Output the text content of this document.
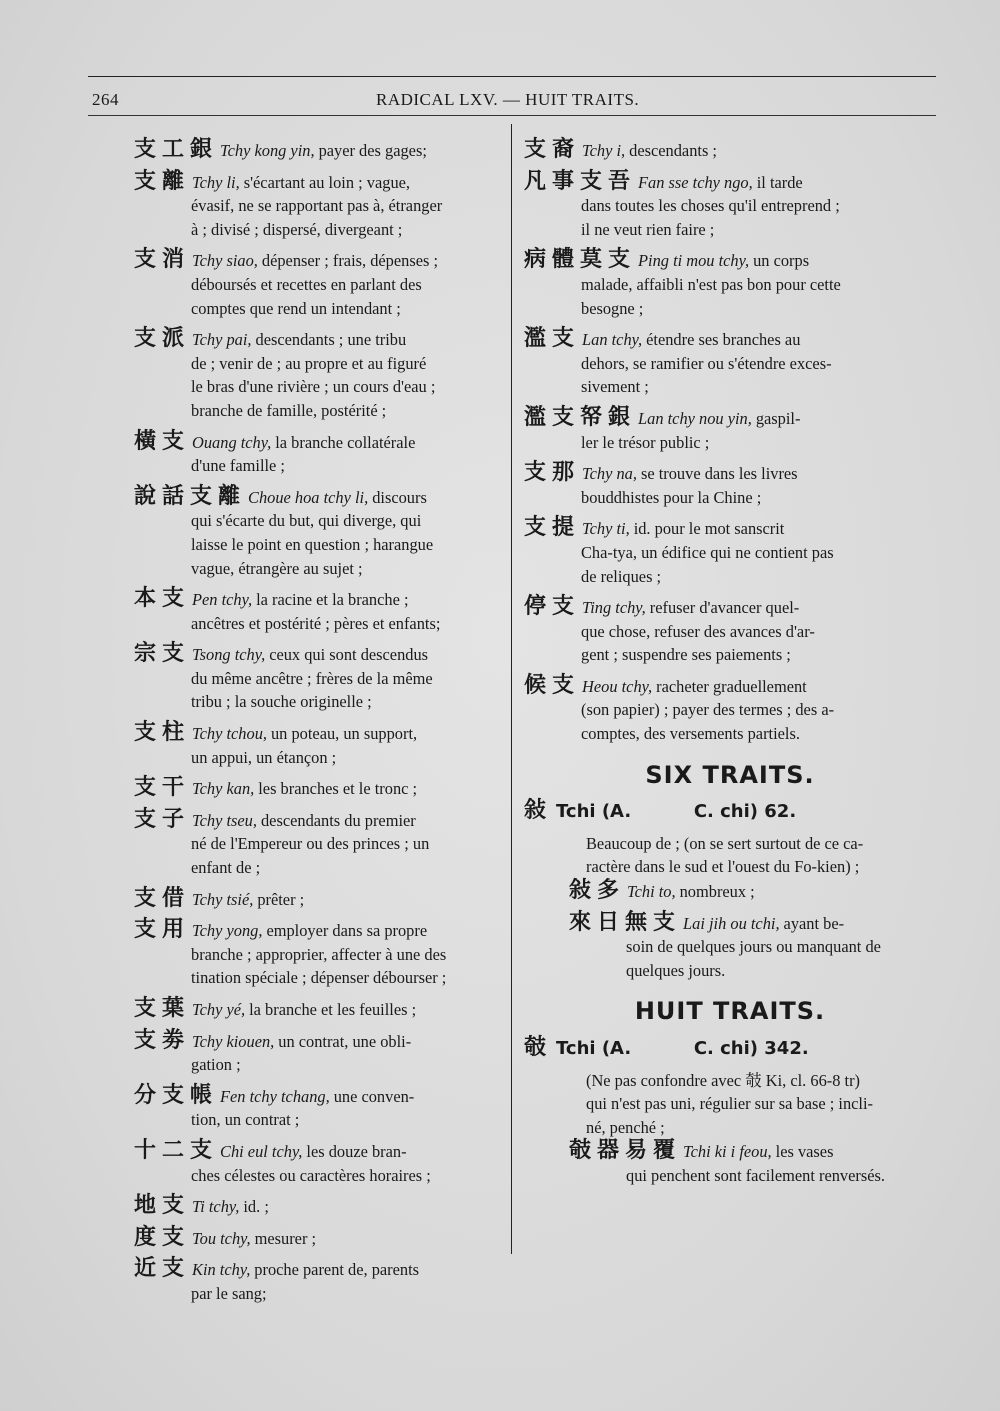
264	RADICAL LXV. — HUIT TRAITS.
支工銀 Tchy kong yin, payer des gages;
支離 Tchy li, s'écartant au loin ; vague,
évasif, ne se rapportant pas à, étranger
à ; divisé ; dispersé, divergeant ;
支消 Tchy siao, dépenser ; frais, dépenses ;
déboursés et recettes en parlant des
comptes que rend un intendant ;
支派 Tchy pai, descendants ; une tribu
de ; venir de ; au propre et au figuré
le bras d'une rivière ; un cours d'eau ;
branche de famille, postérité ;
橫支 Ouang tchy, la branche collatérale
d'une famille ;
說話支離 Choue hoa tchy li, discours
qui s'écarte du but, qui diverge, qui
laisse le point en question ; harangue
vague, étrangère au sujet ;
本支 Pen tchy, la racine et la branche ;
ancêtres et postérité ; pères et enfants;
宗支 Tsong tchy, ceux qui sont descendus
du même ancêtre ; frères de la même
tribu ; la souche originelle ;
支柱 Tchy tchou, un poteau, un support,
un appui, un étançon ;
支干 Tchy kan, les branches et le tronc ;
支子 Tchy tseu, descendants du premier
né de l'Empereur ou des princes ; un
enfant de ;
支借 Tchy tsié, prêter ;
支用 Tchy yong, employer dans sa propre
branche ; approprier, affecter à une des
tination spéciale ; dépenser débourser ;
支葉 Tchy yé, la branche et les feuilles ;
支劵 Tchy kiouen, un contrat, une obli-
gation ;
分支帳 Fen tchy tchang, une conven-
tion, un contrat ;
十二支 Chi eul tchy, les douze bran-
ches célestes ou caractères horaires ;
地支 Ti tchy, id. ;
度支 Tou tchy, mesurer ;
近支 Kin tchy, proche parent de, parents
par le sang;
支裔 Tchy i, descendants ;
凡事支吾 Fan sse tchy ngo, il tarde
dans toutes les choses qu'il entreprend ;
il ne veut rien faire ;
病體莫支 Ping ti mou tchy, un corps
malade, affaibli n'est pas bon pour cette
besogne ;
濫支 Lan tchy, étendre ses branches au
dehors, se ramifier ou s'étendre exces-
sivement ;
濫支帑銀 Lan tchy nou yin, gaspil-
ler le trésor public ;
支那 Tchy na, se trouve dans les livres
bouddhistes pour la Chine ;
支提 Tchy ti, id. pour le mot sanscrit
Cha-tya, un édifice qui ne contient pas
de reliques ;
停支 Ting tchy, refuser d'avancer quel-
que chose, refuser des avances d'ar-
gent ; suspendre ses paiements ;
候支 Heou tchy, racheter graduellement
(son papier) ; payer des termes ; des a-
comptes, des versements partiels.
SIX TRAITS.
敍 Tchi (A.          C. chi) 62.
Beaucoup de ; (on se sert surtout de ce ca-
ractère dans le sud et l'ouest du Fo-kien) ;
敍多 Tchi to, nombreux ;
來日無支 Lai jih ou tchi, ayant be-
soin de quelques jours ou manquant de
quelques jours.
HUIT TRAITS.
攲 Tchi (A.          C. chi) 342.
(Ne pas confondre avec 攲 Ki, cl. 66-8 tr)
qui n'est pas uni, régulier sur sa base ; incli-
né, penché ;
攲器易覆 Tchi ki i feou, les vases
qui penchent sont facilement renversés.
